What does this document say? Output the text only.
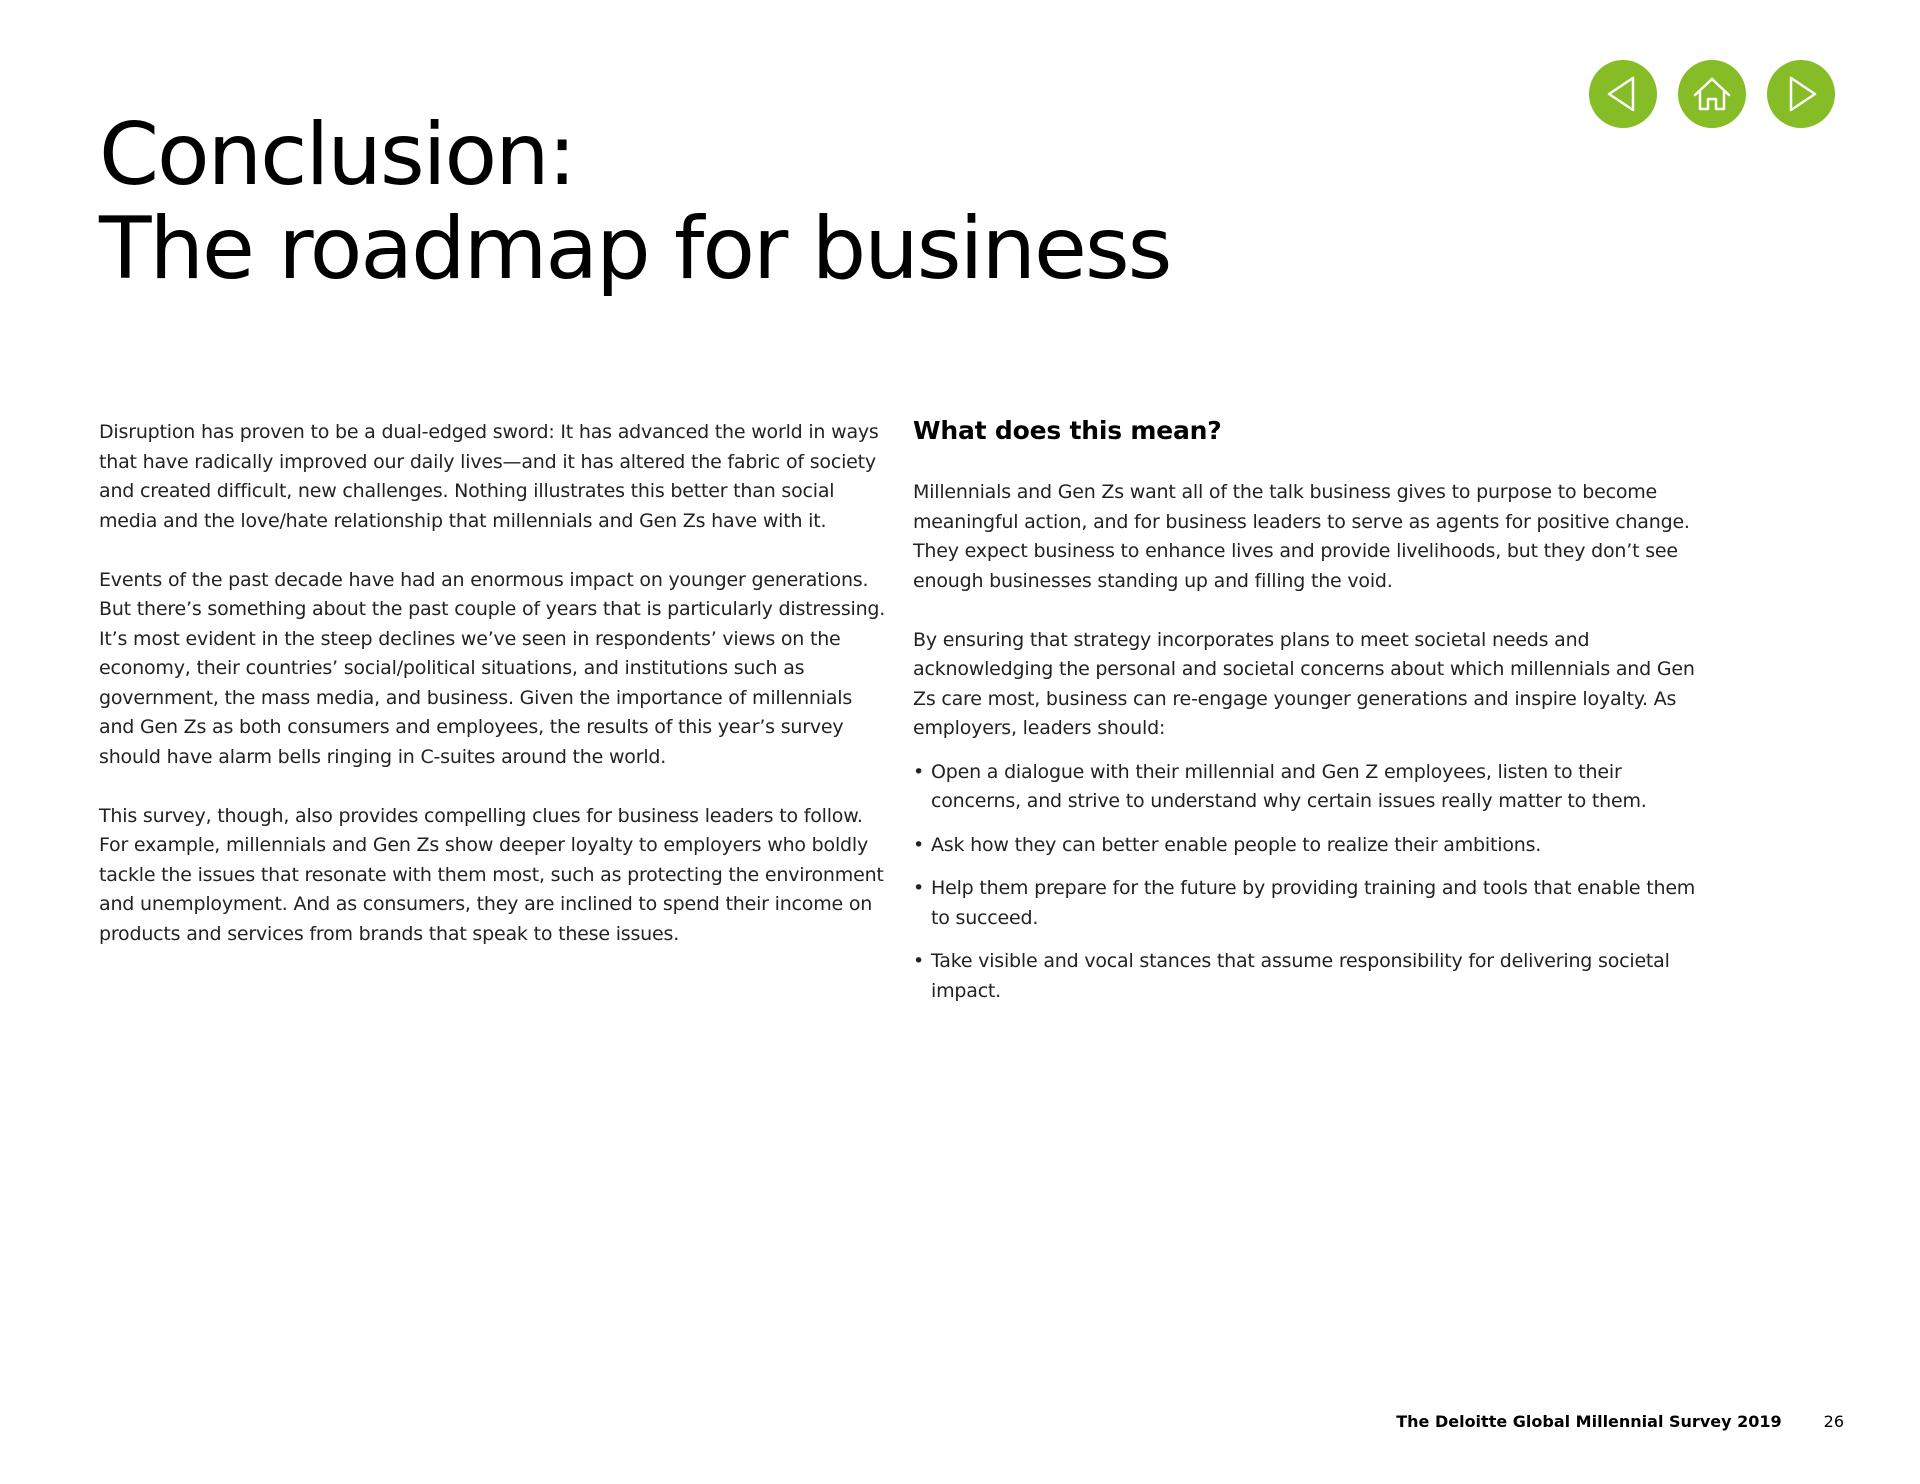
Conclusion:
The roadmap for business

Disruption has proven to be a dual-edged sword: It has advanced the world in ways that have radically improved our daily lives—and it has altered the fabric of society and created difficult, new challenges. Nothing illustrates this better than social media and the love/hate relationship that millennials and Gen Zs have with it.

Events of the past decade have had an enormous impact on younger generations. But there’s something about the past couple of years that is particularly distressing. It’s most evident in the steep declines we’ve seen in respondents’ views on the economy, their countries’ social/political situations, and institutions such as government, the mass media, and business. Given the importance of millennials and Gen Zs as both consumers and employees, the results of this year’s survey should have alarm bells ringing in C-suites around the world.

This survey, though, also provides compelling clues for business leaders to follow. For example, millennials and Gen Zs show deeper loyalty to employers who boldly tackle the issues that resonate with them most, such as protecting the environment and unemployment. And as consumers, they are inclined to spend their income on products and services from brands that speak to these issues.

What does this mean?

Millennials and Gen Zs want all of the talk business gives to purpose to become meaningful action, and for business leaders to serve as agents for positive change. They expect business to enhance lives and provide livelihoods, but they don’t see enough businesses standing up and filling the void.

By ensuring that strategy incorporates plans to meet societal needs and acknowledging the personal and societal concerns about which millennials and Gen Zs care most, business can re-engage younger generations and inspire loyalty. As employers, leaders should:

• Open a dialogue with their millennial and Gen Z employees, listen to their concerns, and strive to understand why certain issues really matter to them.
• Ask how they can better enable people to realize their ambitions.
• Help them prepare for the future by providing training and tools that enable them to succeed.
• Take visible and vocal stances that assume responsibility for delivering societal impact.
The Deloitte Global Millennial Survey 2019	26
